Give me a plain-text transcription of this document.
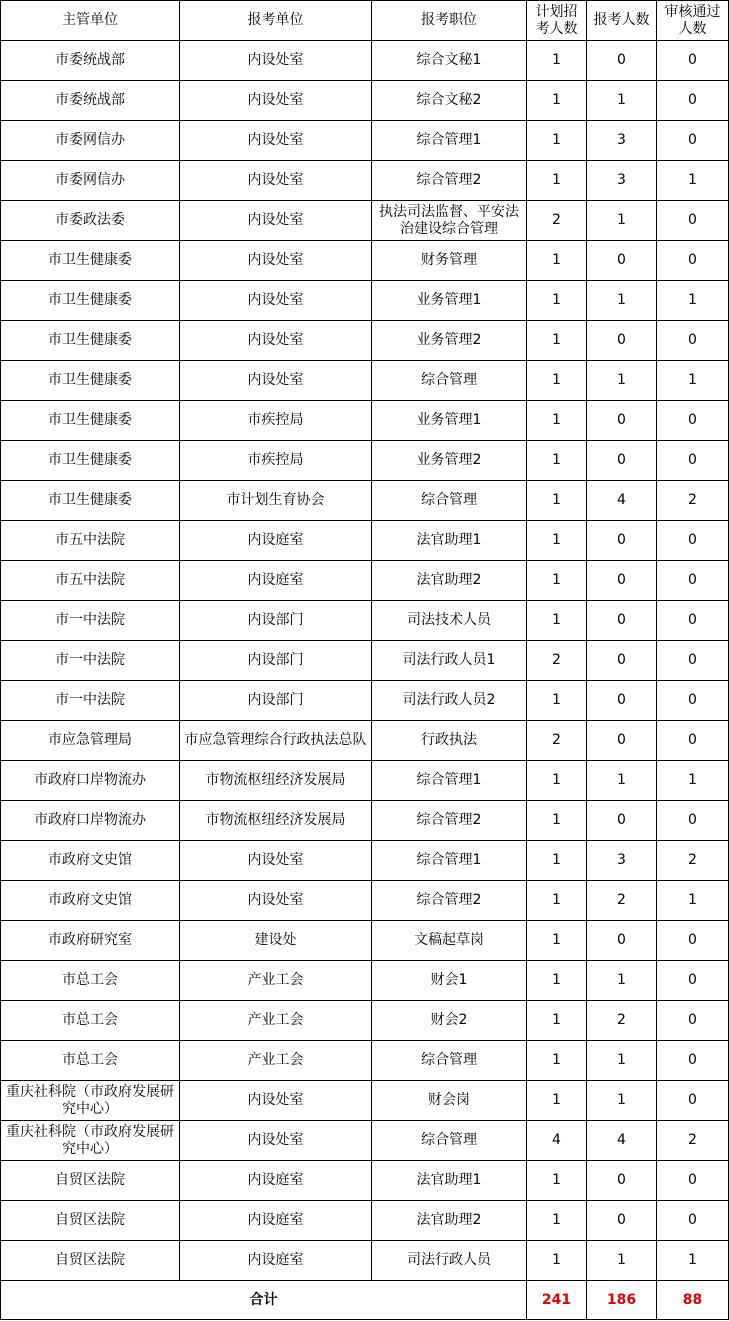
主管单位	报考单位	报考职位	计划招考人数	报考人数	审核通过人数
市委统战部	内设处室	综合文秘1	1	0	0
市委统战部	内设处室	综合文秘2	1	1	0
市委网信办	内设处室	综合管理1	1	3	0
市委网信办	内设处室	综合管理2	1	3	1
市委政法委	内设处室	执法司法监督、平安法治建设综合管理	2	1	0
市卫生健康委	内设处室	财务管理	1	0	0
市卫生健康委	内设处室	业务管理1	1	1	1
市卫生健康委	内设处室	业务管理2	1	0	0
市卫生健康委	内设处室	综合管理	1	1	1
市卫生健康委	市疾控局	业务管理1	1	0	0
市卫生健康委	市疾控局	业务管理2	1	0	0
市卫生健康委	市计划生育协会	综合管理	1	4	2
市五中法院	内设庭室	法官助理1	1	0	0
市五中法院	内设庭室	法官助理2	1	0	0
市一中法院	内设部门	司法技术人员	1	0	0
市一中法院	内设部门	司法行政人员1	2	0	0
市一中法院	内设部门	司法行政人员2	1	0	0
市应急管理局	市应急管理综合行政执法总队	行政执法	2	0	0
市政府口岸物流办	市物流枢纽经济发展局	综合管理1	1	1	1
市政府口岸物流办	市物流枢纽经济发展局	综合管理2	1	0	0
市政府文史馆	内设处室	综合管理1	1	3	2
市政府文史馆	内设处室	综合管理2	1	2	1
市政府研究室	建设处	文稿起草岗	1	0	0
市总工会	产业工会	财会1	1	1	0
市总工会	产业工会	财会2	1	2	0
市总工会	产业工会	综合管理	1	1	0
重庆社科院（市政府发展研究中心）	内设处室	财会岗	1	1	0
重庆社科院（市政府发展研究中心）	内设处室	综合管理	4	4	2
自贸区法院	内设庭室	法官助理1	1	0	0
自贸区法院	内设庭室	法官助理2	1	0	0
自贸区法院	内设庭室	司法行政人员	1	1	1
合计			241	186	88
